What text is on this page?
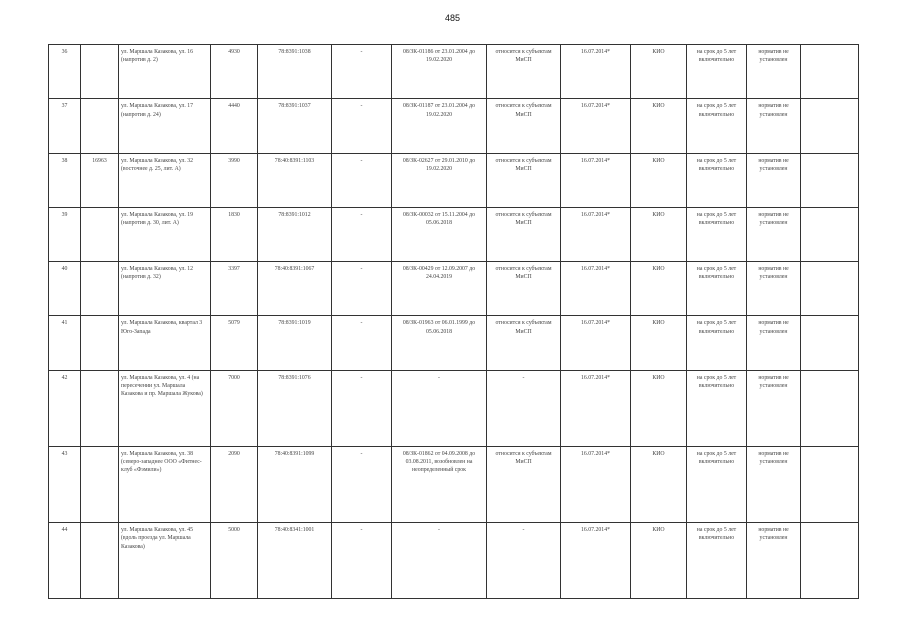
485
36		ул. Маршала Казакова, ул. 16 (напротив д. 2)	4930	78:8391:1038	-	08/ЗК-01186 от 23.01.2004 до 19.02.2020	относится к субъектам МиСП	16.07.2014*	КИО	на срок до 5 лет включительно	норматив не установлен	
37		ул. Маршала Казакова, ул. 17 (напротив д. 24)	4440	78:8391:1037	-	08/ЗК-01187 от 23.01.2004 до 19.02.2020	относится к субъектам МиСП	16.07.2014*	КИО	на срок до 5 лет включительно	норматив не установлен	
38	16963	ул. Маршала Казакова, ул. 32 (восточнее д. 25, лит. А)	3990	78:40:8391:1103	-	08/ЗК-02627 от 29.01.2010 до 19.02.2020	относится к субъектам МиСП	16.07.2014*	КИО	на срок до 5 лет включительно	норматив не установлен	
39		ул. Маршала Казакова, ул. 19 (напротив д. 30, лит. А)	1830	78:8391:1012	-	08/ЗК-00032 от 15.11.2004 до 05.06.2018	относится к субъектам МиСП	16.07.2014*	КИО	на срок до 5 лет включительно	норматив не установлен	
40		ул. Маршала Казакова, ул. 12 (напротив д. 32)	3397	78:40:8391:1067	-	08/ЗК-00429 от 12.09.2007 до 24.04.2019	относится к субъектам МиСП	16.07.2014*	КИО	на срок до 5 лет включительно	норматив не установлен	
41		ул. Маршала Казакова, квартал 3 Юго-Запада	5079	78:8391:1019	-	08/ЗК-01963 от 06.01.1999 до 05.06.2018	относится к субъектам МиСП	16.07.2014*	КИО	на срок до 5 лет включительно	норматив не установлен	
42		ул. Маршала Казакова, ул. 4 (на пересечении ул. Маршала Казакова и пр. Маршала Жукова)	7000	78:8391:1076	-	-	-	16.07.2014*	КИО	на срок до 5 лет включительно	норматив не установлен	
43		ул. Маршала Казакова, ул. 38 (северо-западнее ООО «Фитнес-клуб «Фэмили»)	2090	78:40:8391:1099	-	08/ЗК-01862 от 04.09.2008 до 03.08.2011, возобновлен на неопределенный срок	относится к субъектам МиСП	16.07.2014*	КИО	на срок до 5 лет включительно	норматив не установлен	
44		ул. Маршала Казакова, ул. 45 (вдоль проезда ул. Маршала Казакова)	5000	78:40:8341:1001	-	-	-	16.07.2014*	КИО	на срок до 5 лет включительно	норматив не установлен	
